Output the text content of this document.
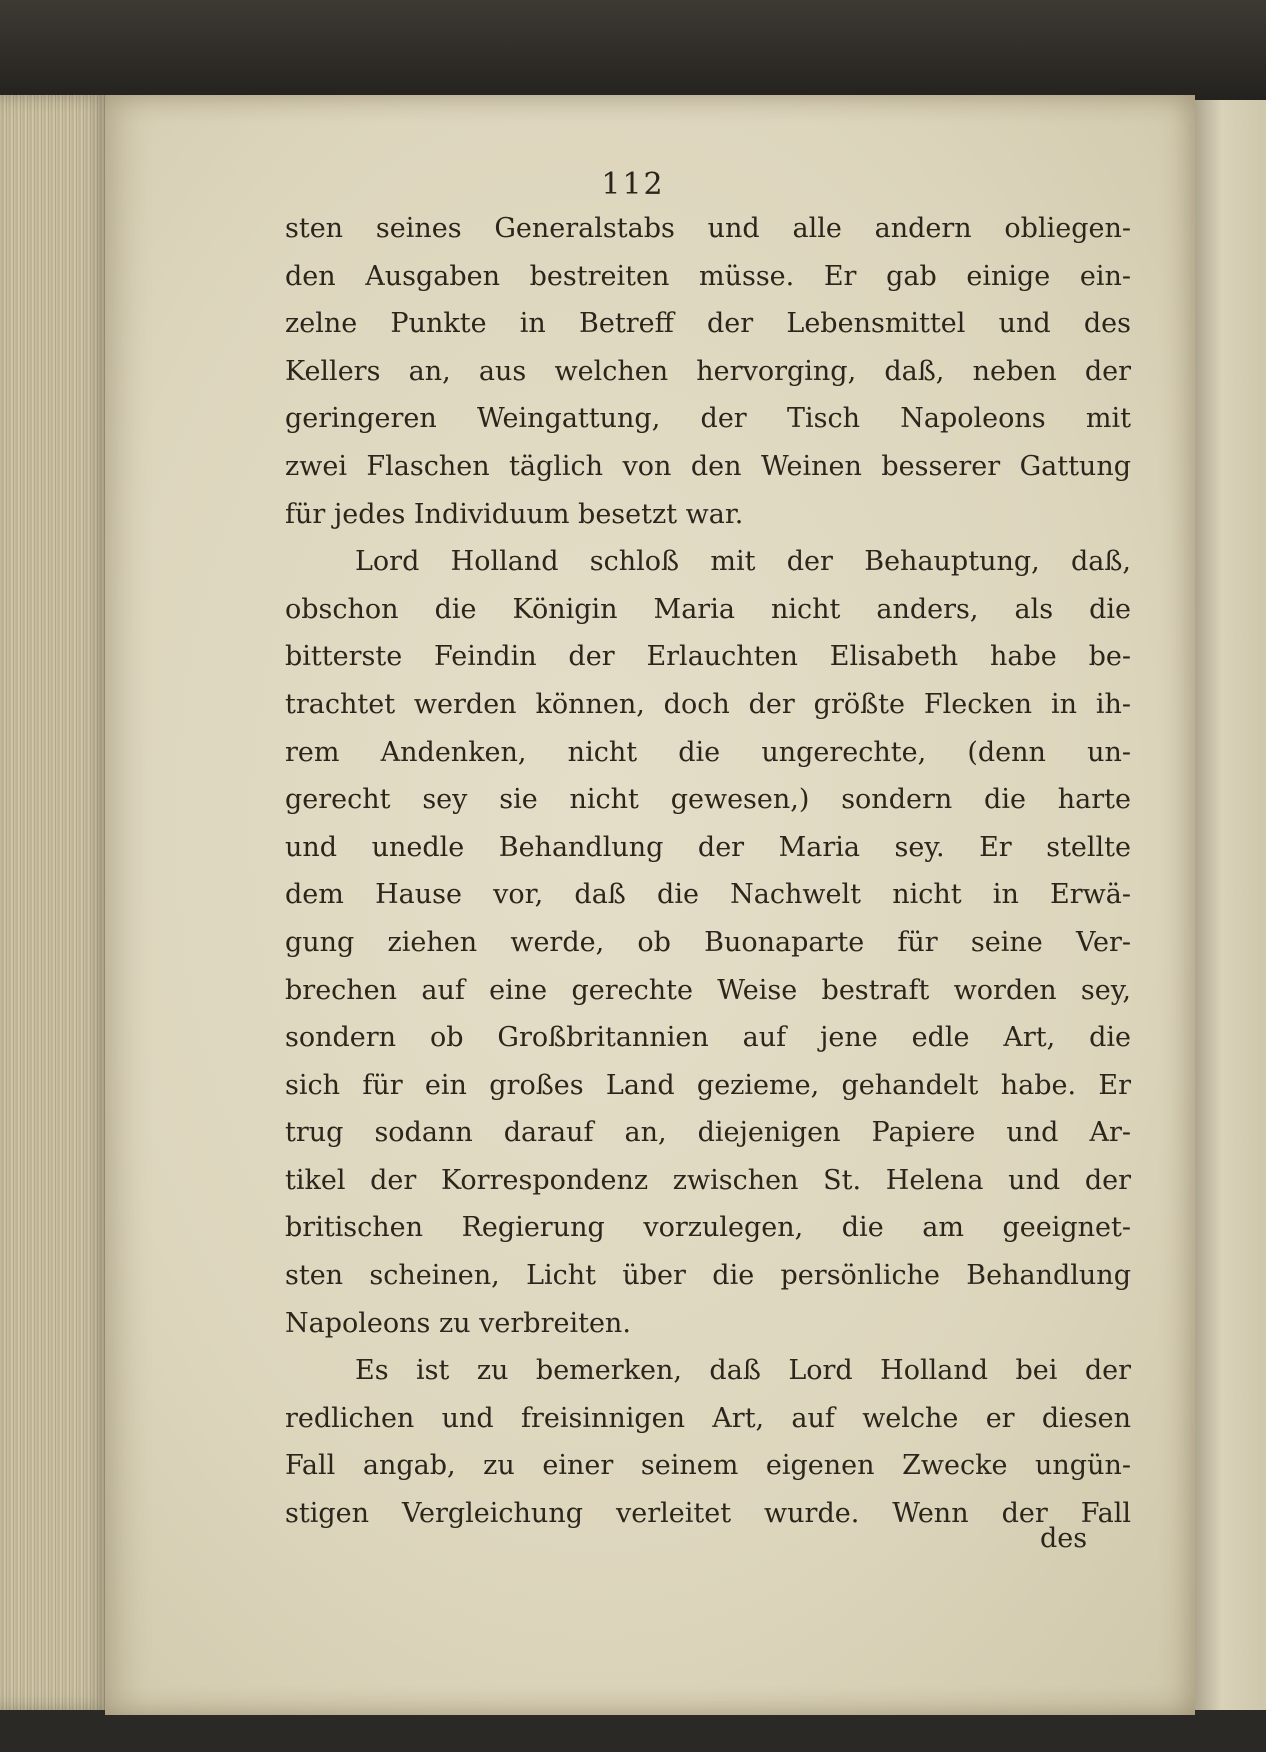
112
sten seines Generalstabs und alle andern obliegen-
den Ausgaben bestreiten müsse. Er gab einige ein-
zelne Punkte in Betreff der Lebensmittel und des
Kellers an, aus welchen hervorging, daß, neben der
geringeren Weingattung, der Tisch Napoleons mit
zwei Flaschen täglich von den Weinen besserer Gattung
für jedes Individuum besetzt war.
Lord Holland schloß mit der Behauptung, daß,
obschon die Königin Maria nicht anders, als die
bitterste Feindin der Erlauchten Elisabeth habe be-
trachtet werden können, doch der größte Flecken in ih-
rem Andenken, nicht die ungerechte, (denn un-
gerecht sey sie nicht gewesen,) sondern die harte
und unedle Behandlung der Maria sey. Er stellte
dem Hause vor, daß die Nachwelt nicht in Erwä-
gung ziehen werde, ob Buonaparte für seine Ver-
brechen auf eine gerechte Weise bestraft worden sey,
sondern ob Großbritannien auf jene edle Art, die
sich für ein großes Land gezieme, gehandelt habe. Er
trug sodann darauf an, diejenigen Papiere und Ar-
tikel der Korrespondenz zwischen St. Helena und der
britischen Regierung vorzulegen, die am geeignet-
sten scheinen, Licht über die persönliche Behandlung
Napoleons zu verbreiten.
Es ist zu bemerken, daß Lord Holland bei der
redlichen und freisinnigen Art, auf welche er diesen
Fall angab, zu einer seinem eigenen Zwecke ungün-
stigen Vergleichung verleitet wurde. Wenn der Fall
des
